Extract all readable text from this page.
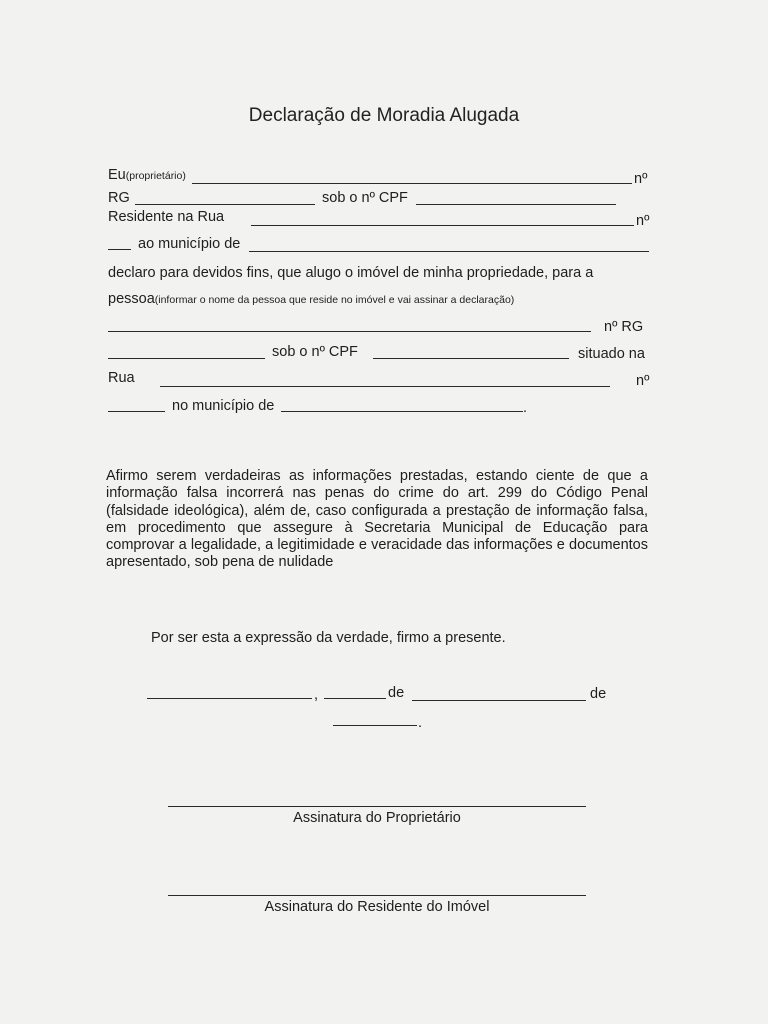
Declaração de Moradia Alugada
Eu(proprietário)	nº
RG	sob o nº CPF
Residente na Rua	nº
ao município de
declaro para devidos fins, que alugo o imóvel de minha propriedade, para a
pessoa(informar o nome da pessoa que reside no imóvel e vai assinar a declaração)
nº RG
sob o nº CPF	situado na
Rua	nº
no município de	.
Afirmo serem verdadeiras as informações prestadas, estando ciente de que a informação falsa incorrerá nas penas do crime do art. 299 do Código Penal (falsidade ideológica), além de, caso configurada a prestação de informação falsa, em procedimento que assegure à Secretaria Municipal de Educação para comprovar a legalidade, a legitimidade e veracidade das informações e documentos apresentado, sob pena de nulidade
Por ser esta a expressão da verdade, firmo a presente.
,	de	de
.
Assinatura do Proprietário
Assinatura do Residente do Imóvel
